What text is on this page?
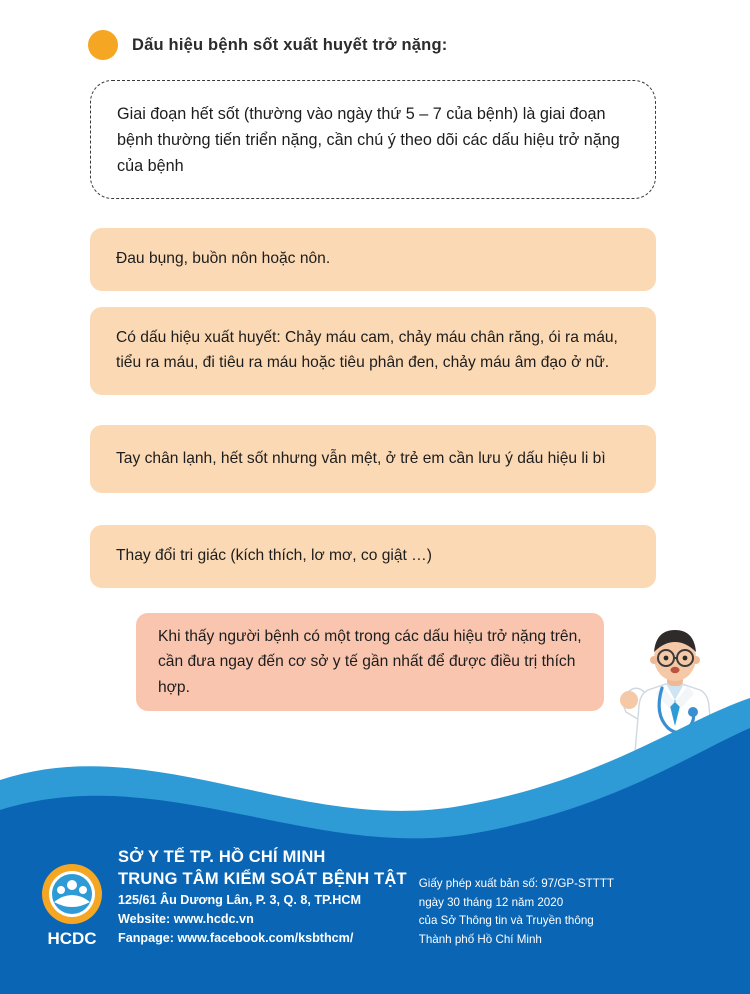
Dấu hiệu bệnh sốt xuất huyết trở nặng:
Giai đoạn hết sốt (thường vào ngày thứ 5 – 7 của bệnh) là giai đoạn bệnh thường tiến triển nặng, cần chú ý theo dõi các dấu hiệu trở nặng của bệnh
Đau bụng, buồn nôn hoặc nôn.
Có dấu hiệu xuất huyết: Chảy máu cam, chảy máu chân răng, ói ra máu, tiểu ra máu, đi tiêu ra máu hoặc tiêu phân đen, chảy máu âm đạo ở nữ.
Tay chân lạnh, hết sốt nhưng vẫn mệt, ở trẻ em cần lưu ý dấu hiệu li bì
Thay đổi tri giác (kích thích, lơ mơ, co giật …)
Khi thấy người bệnh có một trong các dấu hiệu trở nặng trên, cần đưa ngay đến cơ sở y tế gần nhất để được điều trị thích hợp.
HCDC
SỞ Y TẾ TP. HỒ CHÍ MINH
TRUNG TÂM KIỂM SOÁT BỆNH TẬT
125/61 Âu Dương Lân, P. 3, Q. 8, TP.HCM
Website: www.hcdc.vn
Fanpage: www.facebook.com/ksbthcm/
Giấy phép xuất bản số: 97/GP-STTTT
ngày 30 tháng 12 năm 2020
của Sở Thông tin và Truyền thông
Thành phố Hồ Chí Minh
